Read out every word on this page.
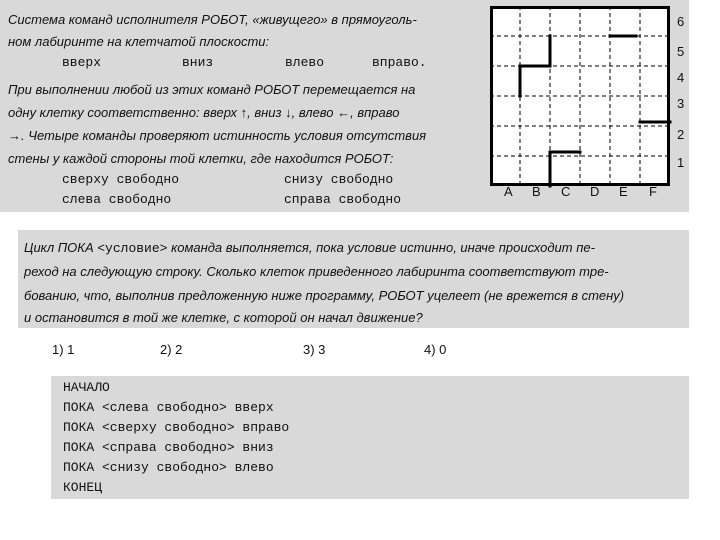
Система команд исполнителя РОБОТ, «живущего» в прямоуголь-
ном лабиринте на клетчатой плоскости:
вверх	вниз	влево	вправо.
При выполнении любой из этих команд РОБОТ перемещается на
одну клетку соответственно: вверх ↑, вниз ↓, влево ←, вправо
→. Четыре команды проверяют истинность условия отсутствия
стены у каждой стороны той клетки, где находится РОБОТ:
сверху свободно	снизу свободно
слева свободно	справа свободно
6
5
4
3
2
1
A B C D E F
Цикл ПОКА <условие> команда выполняется, пока условие истинно, иначе происходит пе-
реход на следующую строку. Сколько клеток приведенного лабиринта соответствуют тре-
бованию, что, выполнив предложенную ниже программу, РОБОТ уцелеет (не врежется в стену)
и остановится в той же клетке, с которой он начал движение?
1) 1	2) 2	3) 3	4) 0
НАЧАЛО
ПОКА <слева свободно> вверх
ПОКА <сверху свободно> вправо
ПОКА <справа свободно> вниз
ПОКА <снизу свободно> влево
КОНЕЦ
